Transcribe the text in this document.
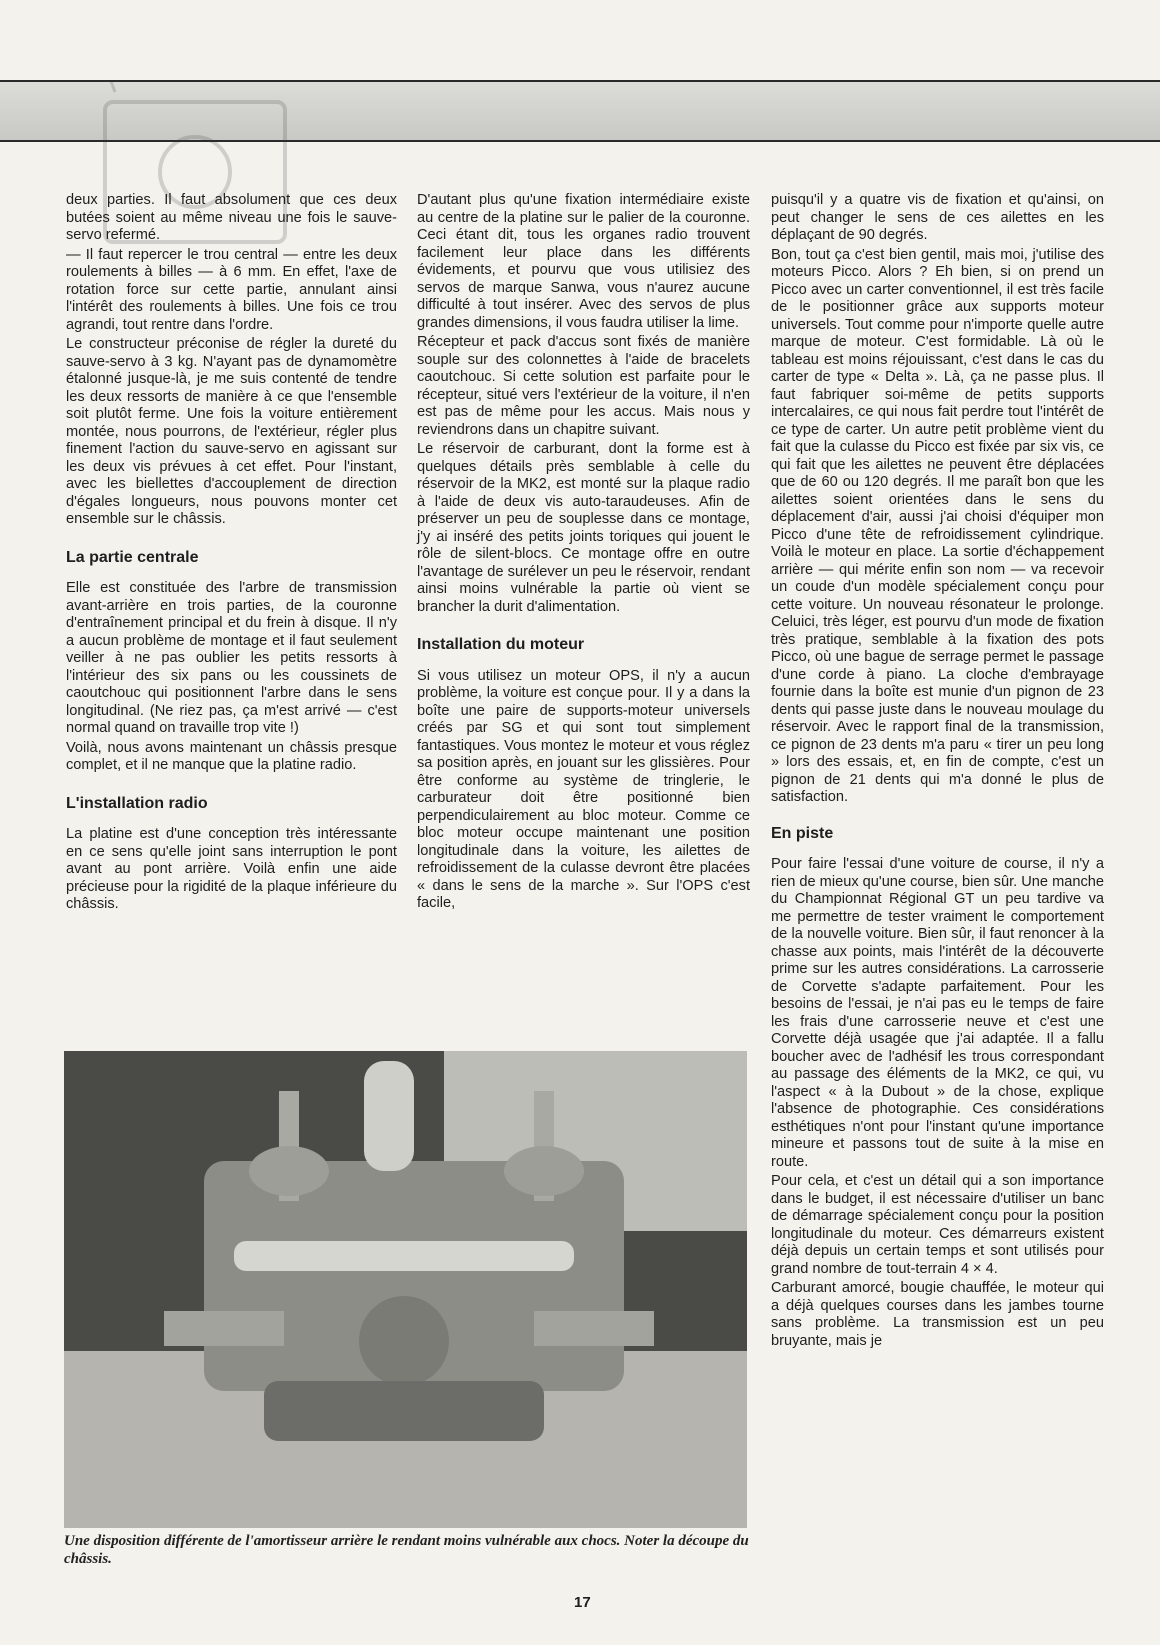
deux parties. Il faut absolument que ces deux butées soient au même niveau une fois le sauve-servo refermé.

— Il faut repercer le trou central — entre les deux roulements à billes — à 6 mm. En effet, l'axe de rotation force sur cette partie, annulant ainsi l'intérêt des roulements à billes. Une fois ce trou agrandi, tout rentre dans l'ordre.

Le constructeur préconise de régler la dureté du sauve-servo à 3 kg. N'ayant pas de dynamomètre étalonné jusque-là, je me suis contenté de tendre les deux ressorts de manière à ce que l'ensemble soit plutôt ferme. Une fois la voiture entièrement montée, nous pourrons, de l'extérieur, régler plus finement l'action du sauve-servo en agissant sur les deux vis prévues à cet effet. Pour l'instant, avec les biellettes d'accouplement de direction d'égales longueurs, nous pouvons monter cet ensemble sur le châssis.

La partie centrale

Elle est constituée des l'arbre de transmission avant-arrière en trois parties, de la couronne d'entraînement principal et du frein à disque. Il n'y a aucun problème de montage et il faut seulement veiller à ne pas oublier les petits ressorts à l'intérieur des six pans ou les coussinets de caoutchouc qui positionnent l'arbre dans le sens longitudinal. (Ne riez pas, ça m'est arrivé — c'est normal quand on travaille trop vite !)

Voilà, nous avons maintenant un châssis presque complet, et il ne manque que la platine radio.

L'installation radio

La platine est d'une conception très intéressante en ce sens qu'elle joint sans interruption le pont avant au pont arrière. Voilà enfin une aide précieuse pour la rigidité de la plaque inférieure du châssis.

D'autant plus qu'une fixation intermédiaire existe au centre de la platine sur le palier de la couronne. Ceci étant dit, tous les organes radio trouvent facilement leur place dans les différents évidements, et pourvu que vous utilisiez des servos de marque Sanwa, vous n'aurez aucune difficulté à tout insérer. Avec des servos de plus grandes dimensions, il vous faudra utiliser la lime.

Récepteur et pack d'accus sont fixés de manière souple sur des colonnettes à l'aide de bracelets caoutchouc. Si cette solution est parfaite pour le récepteur, situé vers l'extérieur de la voiture, il n'en est pas de même pour les accus. Mais nous y reviendrons dans un chapitre suivant.

Le réservoir de carburant, dont la forme est à quelques détails près semblable à celle du réservoir de la MK2, est monté sur la plaque radio à l'aide de deux vis auto-taraudeuses. Afin de préserver un peu de souplesse dans ce montage, j'y ai inséré des petits joints toriques qui jouent le rôle de silent-blocs. Ce montage offre en outre l'avantage de surélever un peu le réservoir, rendant ainsi moins vulnérable la partie où vient se brancher la durit d'alimentation.

Installation du moteur

Si vous utilisez un moteur OPS, il n'y a aucun problème, la voiture est conçue pour. Il y a dans la boîte une paire de supports-moteur universels créés par SG et qui sont tout simplement fantastiques. Vous montez le moteur et vous réglez sa position après, en jouant sur les glissières. Pour être conforme au système de tringlerie, le carburateur doit être positionné bien perpendiculairement au bloc moteur. Comme ce bloc moteur occupe maintenant une position longitudinale dans la voiture, les ailettes de refroidissement de la culasse devront être placées « dans le sens de la marche ». Sur l'OPS c'est facile,

puisqu'il y a quatre vis de fixation et qu'ainsi, on peut changer le sens de ces ailettes en les déplaçant de 90 degrés.

Bon, tout ça c'est bien gentil, mais moi, j'utilise des moteurs Picco. Alors ? Eh bien, si on prend un Picco avec un carter conventionnel, il est très facile de le positionner grâce aux supports moteur universels. Tout comme pour n'importe quelle autre marque de moteur. C'est formidable. Là où le tableau est moins réjouissant, c'est dans le cas du carter de type « Delta ». Là, ça ne passe plus. Il faut fabriquer soi-même de petits supports intercalaires, ce qui nous fait perdre tout l'intérêt de ce type de carter. Un autre petit problème vient du fait que la culasse du Picco est fixée par six vis, ce qui fait que les ailettes ne peuvent être déplacées que de 60 ou 120 degrés. Il me paraît bon que les ailettes soient orientées dans le sens du déplacement d'air, aussi j'ai choisi d'équiper mon Picco d'une tête de refroidissement cylindrique. Voilà le moteur en place. La sortie d'échappement arrière — qui mérite enfin son nom — va recevoir un coude d'un modèle spécialement conçu pour cette voiture. Un nouveau résonateur le prolonge. Celuici, très léger, est pourvu d'un mode de fixation très pratique, semblable à la fixation des pots Picco, où une bague de serrage permet le passage d'une corde à piano. La cloche d'embrayage fournie dans la boîte est munie d'un pignon de 23 dents qui passe juste dans le nouveau moulage du réservoir. Avec le rapport final de la transmission, ce pignon de 23 dents m'a paru « tirer un peu long » lors des essais, et, en fin de compte, c'est un pignon de 21 dents qui m'a donné le plus de satisfaction.

En piste

Pour faire l'essai d'une voiture de course, il n'y a rien de mieux qu'une course, bien sûr. Une manche du Championnat Régional GT un peu tardive va me permettre de tester vraiment le comportement de la nouvelle voiture. Bien sûr, il faut renoncer à la chasse aux points, mais l'intérêt de la découverte prime sur les autres considérations. La carrosserie de Corvette s'adapte parfaitement. Pour les besoins de l'essai, je n'ai pas eu le temps de faire les frais d'une carrosserie neuve et c'est une Corvette déjà usagée que j'ai adaptée. Il a fallu boucher avec de l'adhésif les trous correspondant au passage des éléments de la MK2, ce qui, vu l'aspect « à la Dubout » de la chose, explique l'absence de photographie. Ces considérations esthétiques n'ont pour l'instant qu'une importance mineure et passons tout de suite à la mise en route.

Pour cela, et c'est un détail qui a son importance dans le budget, il est nécessaire d'utiliser un banc de démarrage spécialement conçu pour la position longitudinale du moteur. Ces démarreurs existent déjà depuis un certain temps et sont utilisés pour grand nombre de tout-terrain 4 × 4.

Carburant amorcé, bougie chauffée, le moteur qui a déjà quelques courses dans les jambes tourne sans problème. La transmission est un peu bruyante, mais je

Une disposition différente de l'amortisseur arrière le rendant moins vulnérable aux chocs. Noter la découpe du châssis.
17
